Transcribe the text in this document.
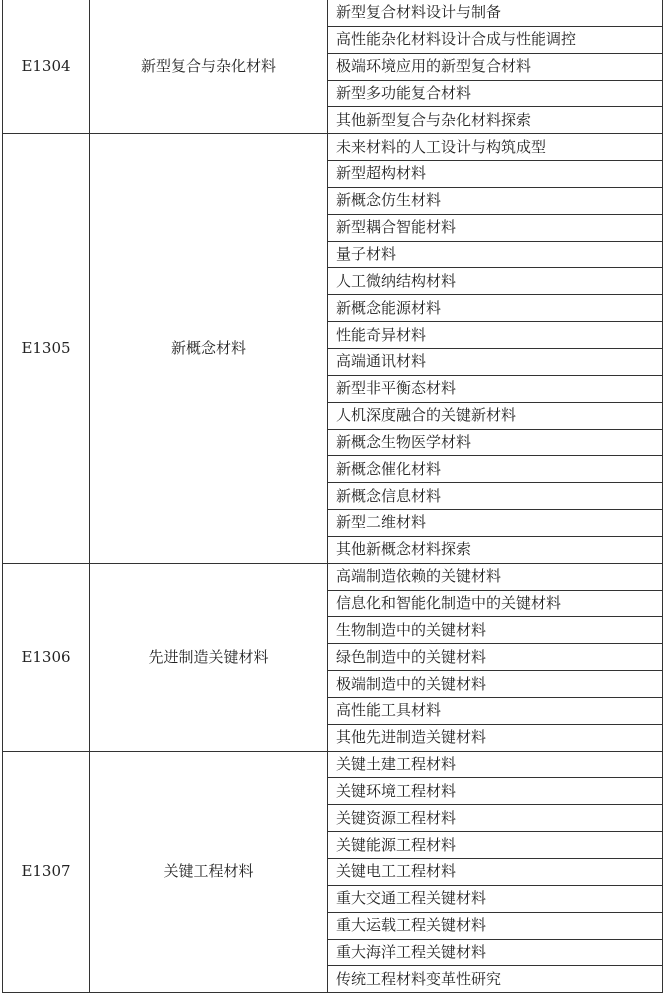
E1304	新型复合与杂化材料	新型复合材料设计与制备
		高性能杂化材料设计合成与性能调控
		极端环境应用的新型复合材料
		新型多功能复合材料
		其他新型复合与杂化材料探索
E1305	新概念材料	未来材料的人工设计与构筑成型
		新型超构材料
		新概念仿生材料
		新型耦合智能材料
		量子材料
		人工微纳结构材料
		新概念能源材料
		性能奇异材料
		高端通讯材料
		新型非平衡态材料
		人机深度融合的关键新材料
		新概念生物医学材料
		新概念催化材料
		新概念信息材料
		新型二维材料
		其他新概念材料探索
E1306	先进制造关键材料	高端制造依赖的关键材料
		信息化和智能化制造中的关键材料
		生物制造中的关键材料
		绿色制造中的关键材料
		极端制造中的关键材料
		高性能工具材料
		其他先进制造关键材料
E1307	关键工程材料	关键土建工程材料
		关键环境工程材料
		关键资源工程材料
		关键能源工程材料
		关键电工工程材料
		重大交通工程关键材料
		重大运载工程关键材料
		重大海洋工程关键材料
		传统工程材料变革性研究
